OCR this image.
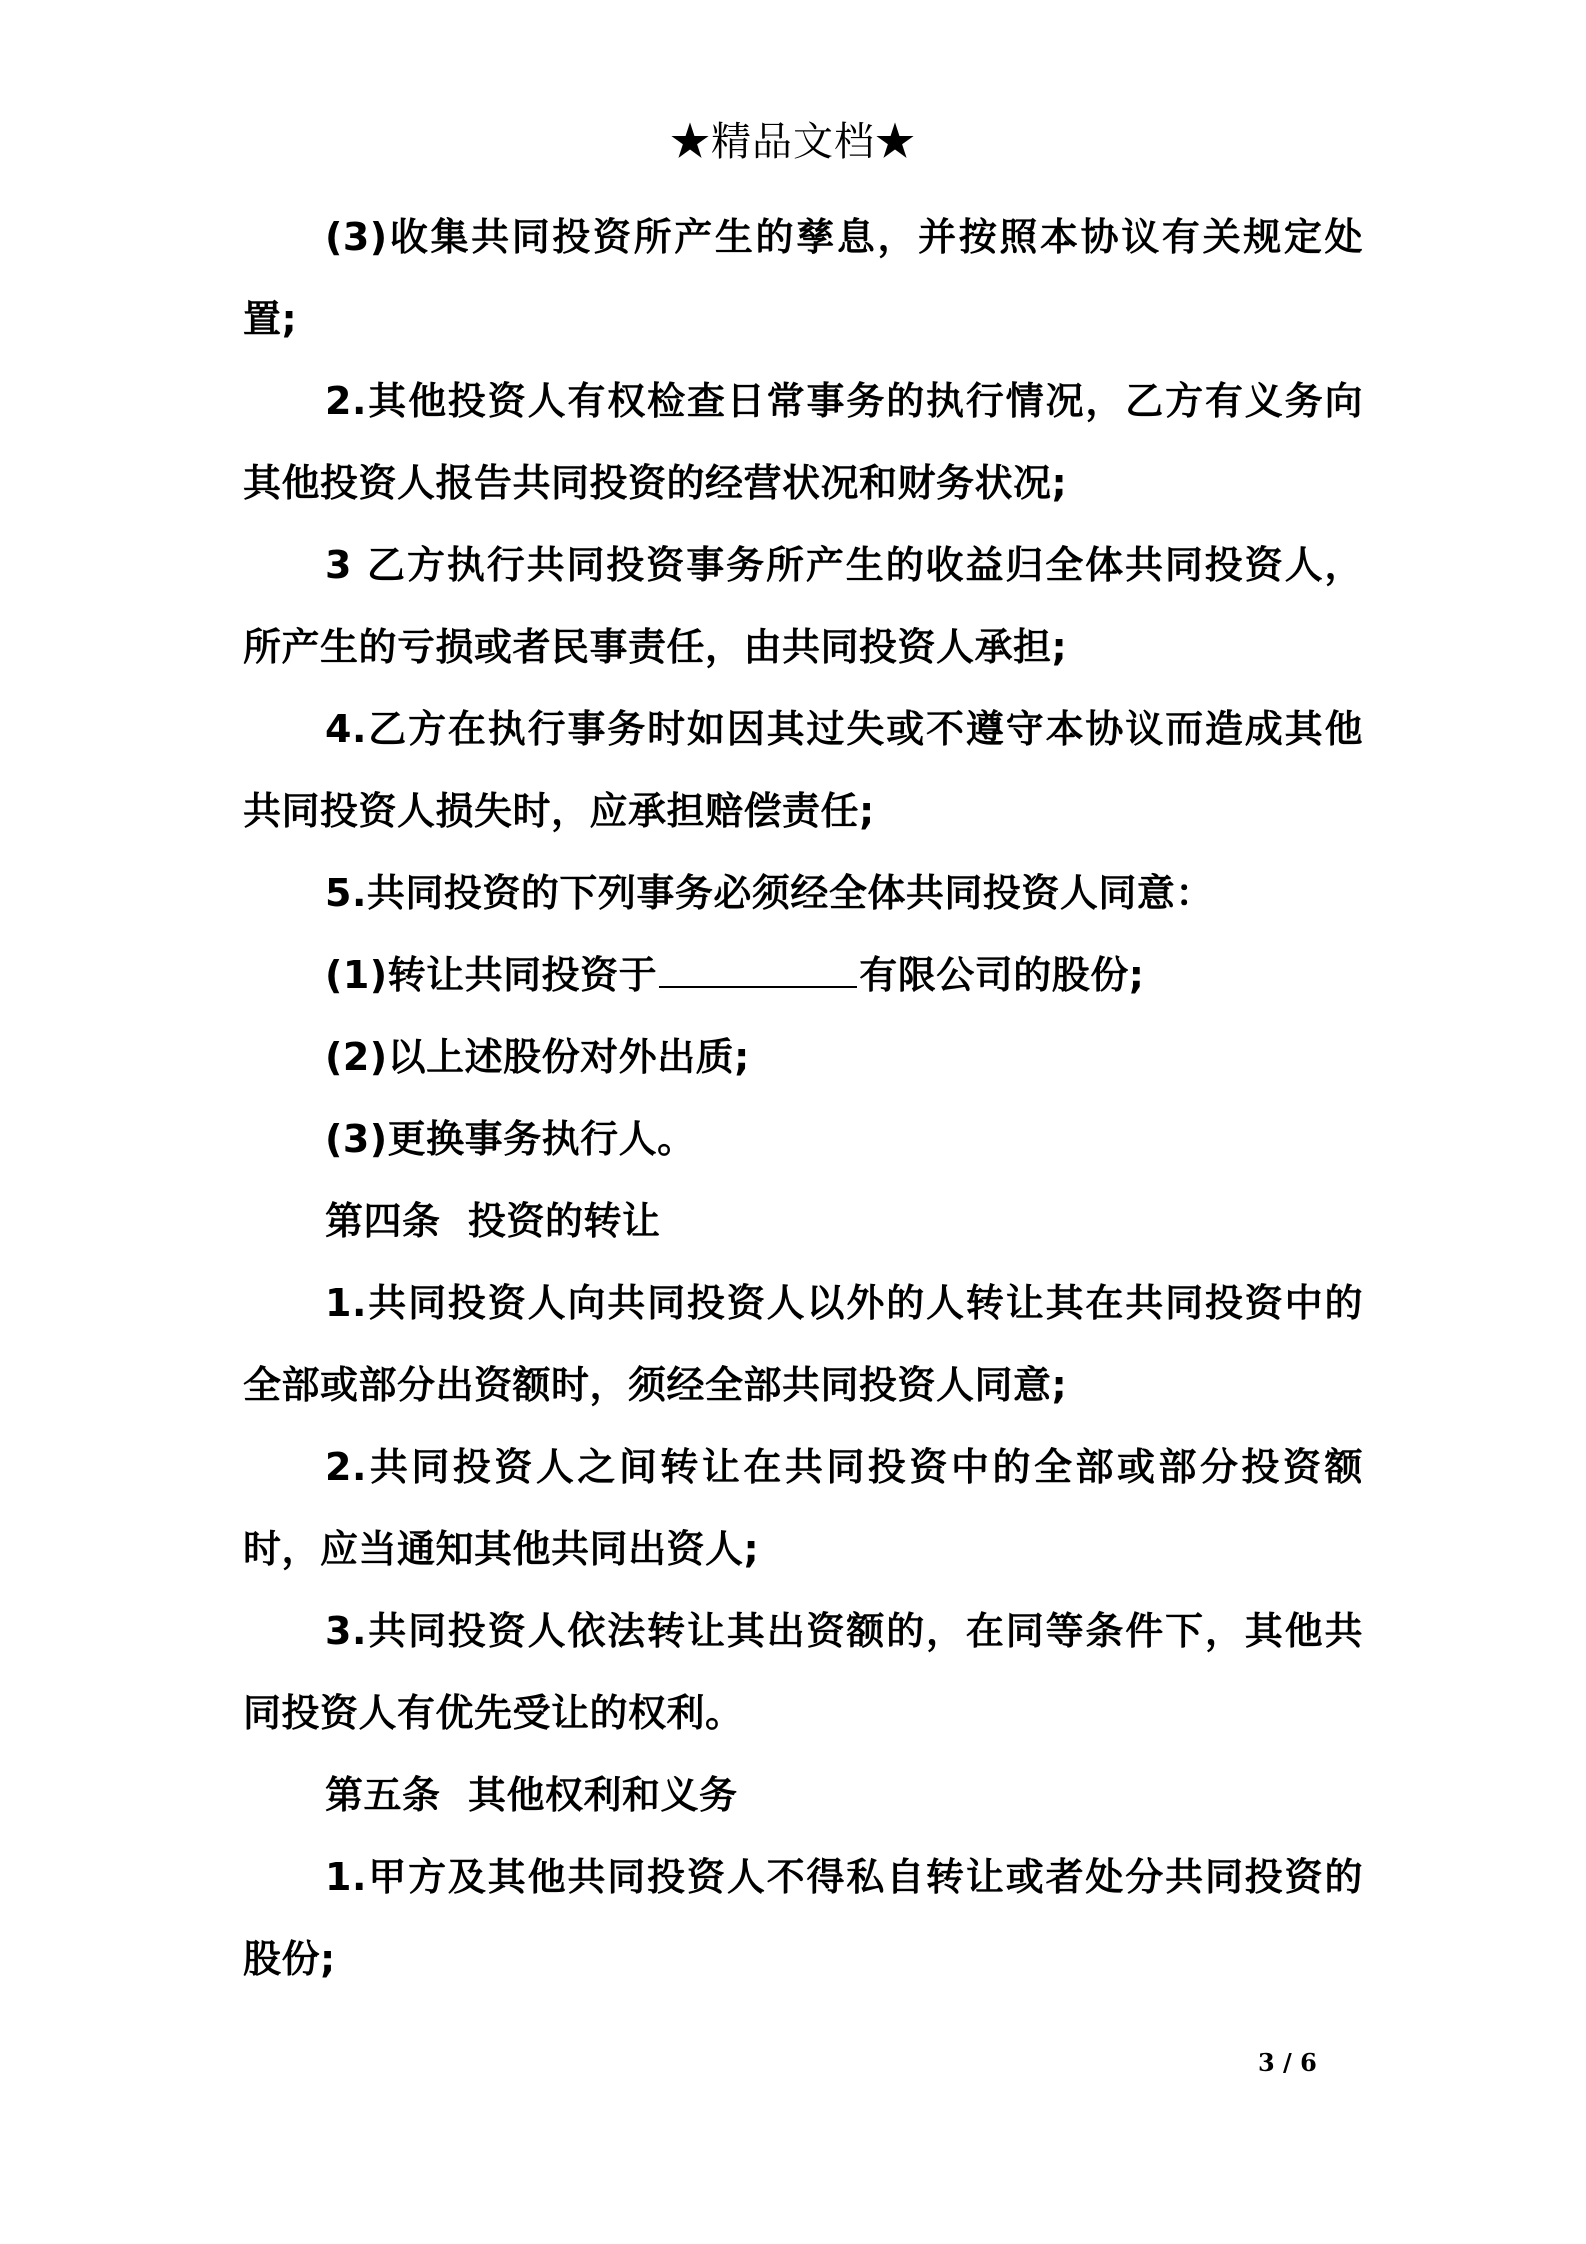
★精品文档★

(3)收集共同投资所产生的孳息，并按照本协议有关规定处置;

2.其他投资人有权检查日常事务的执行情况，乙方有义务向其他投资人报告共同投资的经营状况和财务状况;

3 乙方执行共同投资事务所产生的收益归全体共同投资人，所产生的亏损或者民事责任，由共同投资人承担;

4.乙方在执行事务时如因其过失或不遵守本协议而造成其他共同投资人损失时，应承担赔偿责任;

5.共同投资的下列事务必须经全体共同投资人同意：

(1)转让共同投资于	有限公司的股份;

(2)以上述股份对外出质;

(3)更换事务执行人。

第四条  投资的转让

1.共同投资人向共同投资人以外的人转让其在共同投资中的全部或部分出资额时，须经全部共同投资人同意;

2.共同投资人之间转让在共同投资中的全部或部分投资额时，应当通知其他共同出资人;

3.共同投资人依法转让其出资额的，在同等条件下，其他共同投资人有优先受让的权利。

第五条  其他权利和义务

1.甲方及其他共同投资人不得私自转让或者处分共同投资的股份;

3 / 6
